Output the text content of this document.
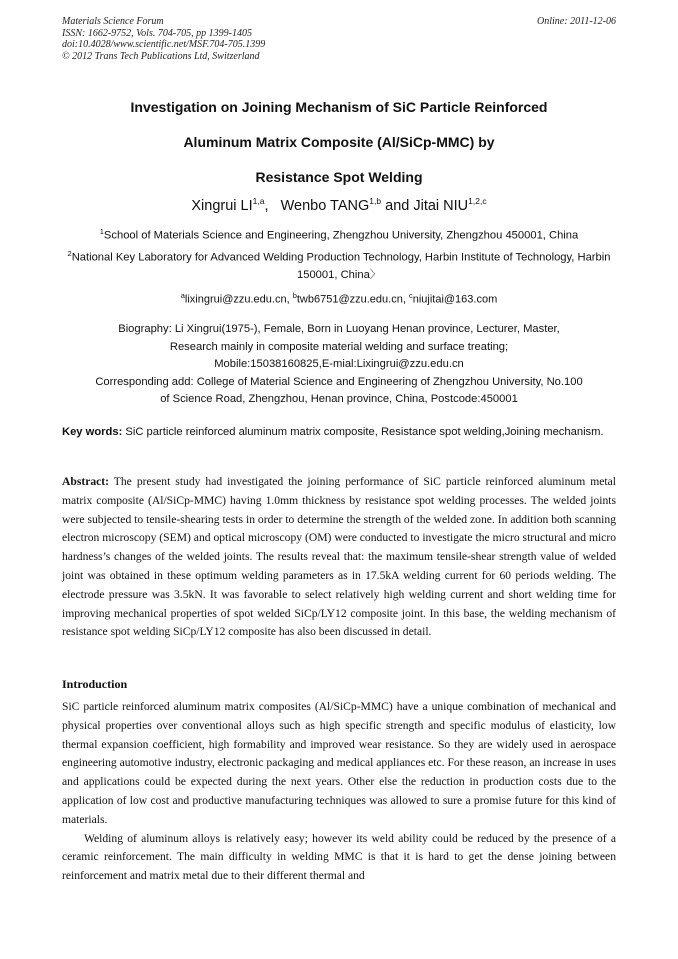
Materials Science Forum
ISSN: 1662-9752, Vols. 704-705, pp 1399-1405
doi:10.4028/www.scientific.net/MSF.704-705.1399
© 2012 Trans Tech Publications Ltd, Switzerland
Online: 2011-12-06
Investigation on Joining Mechanism of SiC Particle Reinforced
Aluminum Matrix Composite (Al/SiCp-MMC) by
Resistance Spot Welding
Xingrui LI$^{1,a}$,   Wenbo TANG$^{1,b}$ and Jitai NIU$^{1,2,c}$
$^1$School of Materials Science and Engineering, Zhengzhou University, Zhengzhou 450001, China
$^2$National Key Laboratory for Advanced Welding Production Technology, Harbin Institute of Technology, Harbin 150001, China〉
$^a$lixingrui@zzu.edu.cn, $^b$twb6751@zzu.edu.cn, $^c$niujitai@163.com
Biography: Li Xingrui(1975-), Female, Born in Luoyang Henan province, Lecturer, Master,
Research mainly in composite material welding and surface treating;
Mobile:15038160825,E-mial:Lixingrui@zzu.edu.cn
Corresponding add: College of Material Science and Engineering of Zhengzhou University, No.100
of Science Road, Zhengzhou, Henan province, China, Postcode:450001
Key words: SiC particle reinforced aluminum matrix composite, Resistance spot welding,Joining mechanism.
Abstract: The present study had investigated the joining performance of SiC particle reinforced aluminum metal matrix composite (Al/SiCp-MMC) having 1.0mm thickness by resistance spot welding processes. The welded joints were subjected to tensile-shearing tests in order to determine the strength of the welded zone. In addition both scanning electron microscopy (SEM) and optical microscopy (OM) were conducted to investigate the micro structural and micro hardness’s changes of the welded joints. The results reveal that: the maximum tensile-shear strength value of welded joint was obtained in these optimum welding parameters as in 17.5kA welding current for 60 periods welding. The electrode pressure was 3.5kN. It was favorable to select relatively high welding current and short welding time for improving mechanical properties of spot welded SiCp/LY12 composite joint. In this base, the welding mechanism of resistance spot welding SiCp/LY12 composite has also been discussed in detail.
Introduction

SiC particle reinforced aluminum matrix composites (Al/SiCp-MMC) have a unique combination of mechanical and physical properties over conventional alloys such as high specific strength and specific modulus of elasticity, low thermal expansion coefficient, high formability and improved wear resistance. So they are widely used in aerospace engineering automotive industry, electronic packaging and medical appliances etc. For these reason, an increase in uses and applications could be expected during the next years. Other else the reduction in production costs due to the application of low cost and productive manufacturing techniques was allowed to sure a promise future for this kind of materials.

Welding of aluminum alloys is relatively easy; however its weld ability could be reduced by the presence of a ceramic reinforcement. The main difficulty in welding MMC is that it is hard to get the dense joining between reinforcement and matrix metal due to their different thermal and
